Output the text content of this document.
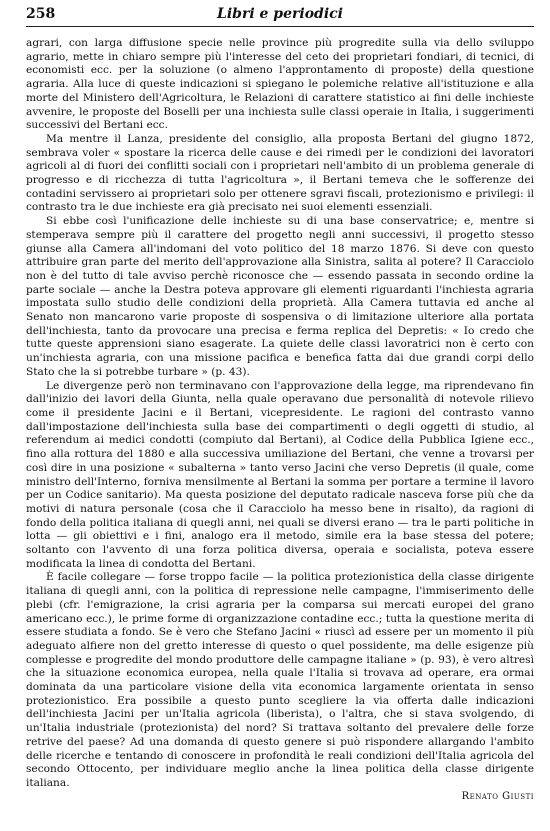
258	Libri e periodici

agrari, con larga diffusione specie nelle province più progredite sulla via dello sviluppo agrario, mette in chiaro sempre più l'interesse del ceto dei proprietari fondiari, di tecnici, di economisti ecc. per la soluzione (o almeno l'approntamento di proposte) della questione agraria. Alla luce di queste indicazioni si spiegano le polemiche relative all'istituzione e alla morte del Ministero dell'Agricoltura, le Relazioni di carattere statistico ai fini delle inchieste avvenire, le proposte del Boselli per una inchiesta sulle classi operaie in Italia, i suggerimenti successivi del Bertani ecc.

Ma mentre il Lanza, presidente del consiglio, alla proposta Bertani del giugno 1872, sembrava voler « spostare la ricerca delle cause e dei rimedi per le condizioni dei lavoratori agricoli al di fuori dei conflitti sociali con i proprietari nell'ambito di un problema generale di progresso e di ricchezza di tutta l'agricoltura », il Bertani temeva che le sofferenze dei contadini servissero ai proprietari solo per ottenere sgravi fiscali, protezionismo e privilegi: il contrasto tra le due inchieste era già precisato nei suoi elementi essenziali.

Si ebbe così l'unificazione delle inchieste su di una base conservatrice; e, mentre si stemperava sempre più il carattere del progetto negli anni successivi, il progetto stesso giunse alla Camera all'indomani del voto politico del 18 marzo 1876. Si deve con questo attribuire gran parte del merito dell'approvazione alla Sinistra, salita al potere? Il Caracciolo non è del tutto di tale avviso perchè riconosce che — essendo passata in secondo ordine la parte sociale — anche la Destra poteva approvare gli elementi riguardanti l'inchiesta agraria impostata sullo studio delle condizioni della proprietà. Alla Camera tuttavia ed anche al Senato non mancarono varie proposte di sospensiva o di limitazione ulteriore alla portata dell'inchiesta, tanto da provocare una precisa e ferma replica del Depretis: « Io credo che tutte queste apprensioni siano esagerate. La quiete delle classi lavoratrici non è certo con un'inchiesta agraria, con una missione pacifica e benefica fatta dai due grandi corpi dello Stato che la si potrebbe turbare » (p. 43).

Le divergenze però non terminavano con l'approvazione della legge, ma riprendevano fin dall'inizio dei lavori della Giunta, nella quale operavano due personalità di notevole rilievo come il presidente Jacini e il Bertani, vicepresidente. Le ragioni del contrasto vanno dall'impostazione dell'inchiesta sulla base dei compartimenti o degli oggetti di studio, al referendum ai medici condotti (compiuto dal Bertani), al Codice della Pubblica Igiene ecc., fino alla rottura del 1880 e alla successiva umiliazione del Bertani, che venne a trovarsi per così dire in una posizione « subalterna » tanto verso Jacini che verso Depretis (il quale, come ministro dell'Interno, forniva mensilmente al Bertani la somma per portare a termine il lavoro per un Codice sanitario). Ma questa posizione del deputato radicale nasceva forse più che da motivi di natura personale (cosa che il Caracciolo ha messo bene in risalto), da ragioni di fondo della politica italiana di quegli anni, nei quali se diversi erano — tra le parti politiche in lotta — gli obiettivi e i fini, analogo era il metodo, simile era la base stessa del potere; soltanto con l'avvento di una forza politica diversa, operaia e socialista, poteva essere modificata la linea di condotta del Bertani.

È facile collegare — forse troppo facile — la politica protezionistica della classe dirigente italiana di quegli anni, con la politica di repressione nelle campagne, l'immiserimento delle plebi (cfr. l'emigrazione, la crisi agraria per la comparsa sui mercati europei del grano americano ecc.), le prime forme di organizzazione contadine ecc.; tutta la questione merita di essere studiata a fondo. Se è vero che Stefano Jacini « riuscì ad essere per un momento il più adeguato alfiere non del gretto interesse di questo o quel possidente, ma delle esigenze più complesse e progredite del mondo produttore delle campagne italiane » (p. 93), è vero altresì che la situazione economica europea, nella quale l'Italia si trovava ad operare, era ormai dominata da una particolare visione della vita economica largamente orientata in senso protezionistico. Era possibile a questo punto scegliere la via offerta dalle indicazioni dell'inchiesta Jacini per un'Italia agricola (liberista), o l'altra, che si stava svolgendo, di un'Italia industriale (protezionista) del nord? Si trattava soltanto del prevalere delle forze retrive del paese? Ad una domanda di questo genere si può rispondere allargando l'ambito delle ricerche e tentando di conoscere in profondità le reali condizioni dell'Italia agricola del secondo Ottocento, per individuare meglio anche la linea politica della classe dirigente italiana.

Renato Giusti
